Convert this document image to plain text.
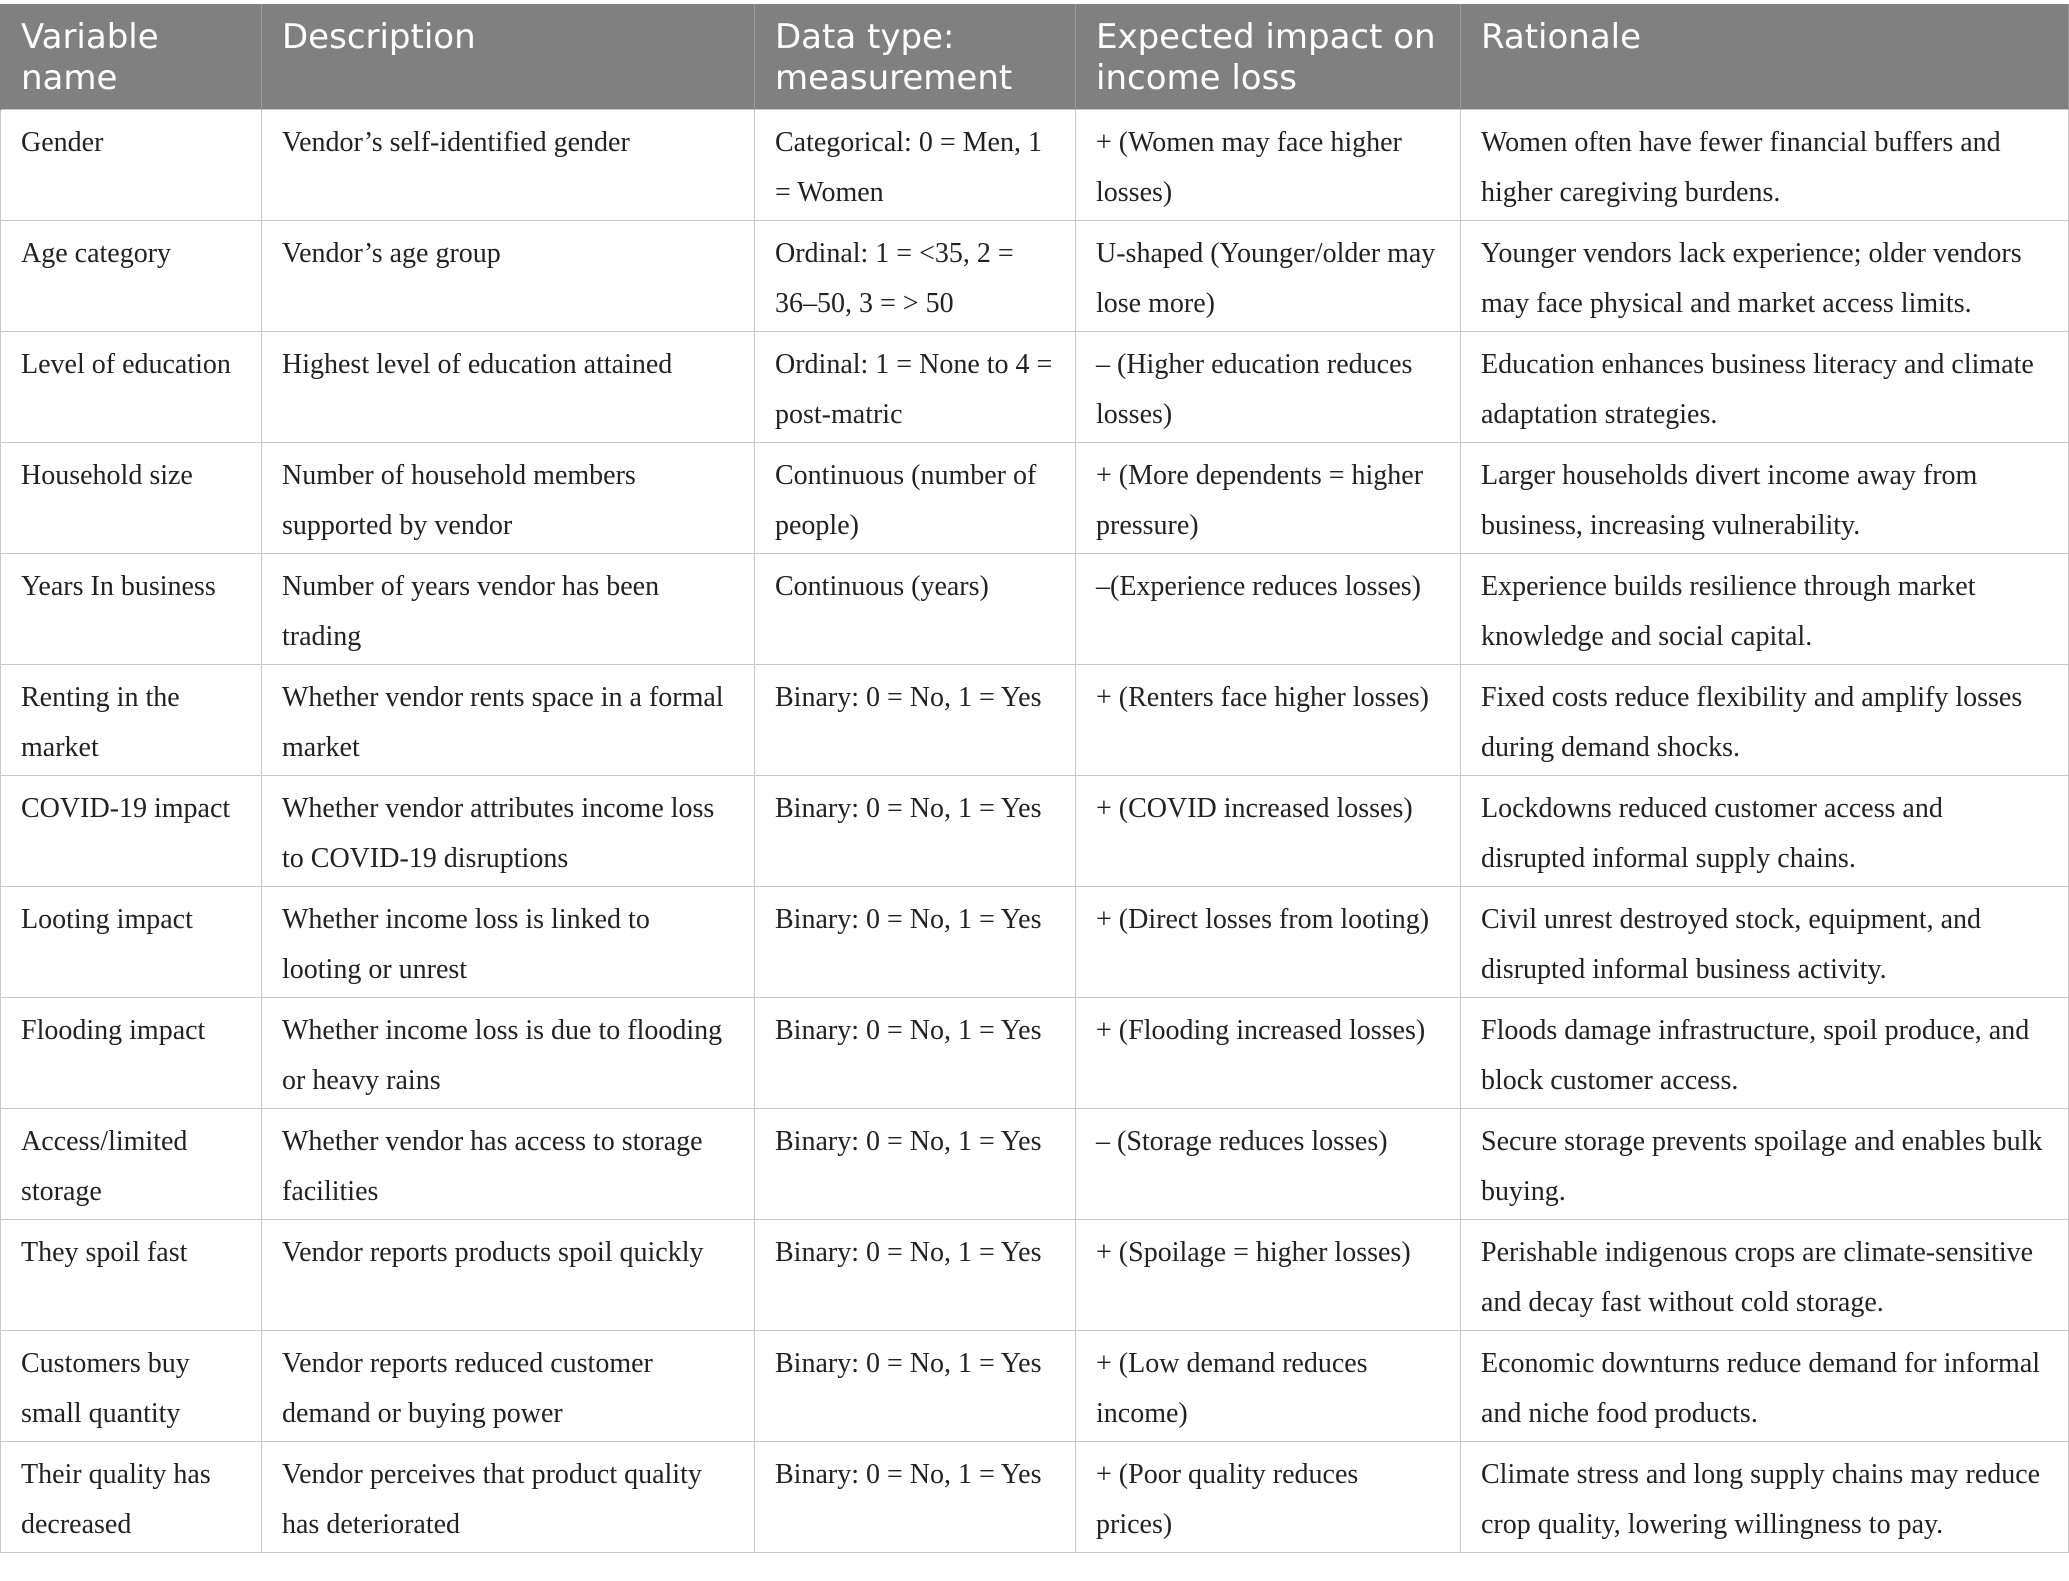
Variable name	Description	Data type: measurement	Expected impact on income loss	Rationale
Gender	Vendor’s self-identified gender	Categorical: 0 = Men, 1 = Women	+ (Women may face higher losses)	Women often have fewer financial buffers and higher caregiving burdens.
Age category	Vendor’s age group	Ordinal: 1 = <35, 2 = 36–50, 3 = > 50	U-shaped (Younger/older may lose more)	Younger vendors lack experience; older vendors may face physical and market access limits.
Level of education	Highest level of education attained	Ordinal: 1 = None to 4 = post-matric	– (Higher education reduces losses)	Education enhances business literacy and climate adaptation strategies.
Household size	Number of household members supported by vendor	Continuous (number of people)	+ (More dependents = higher pressure)	Larger households divert income away from business, increasing vulnerability.
Years In business	Number of years vendor has been trading	Continuous (years)	–(Experience reduces losses)	Experience builds resilience through market knowledge and social capital.
Renting in the market	Whether vendor rents space in a formal market	Binary: 0 = No, 1 = Yes	+ (Renters face higher losses)	Fixed costs reduce flexibility and amplify losses during demand shocks.
COVID-19 impact	Whether vendor attributes income loss to COVID-19 disruptions	Binary: 0 = No, 1 = Yes	+ (COVID increased losses)	Lockdowns reduced customer access and disrupted informal supply chains.
Looting impact	Whether income loss is linked to looting or unrest	Binary: 0 = No, 1 = Yes	+ (Direct losses from looting)	Civil unrest destroyed stock, equipment, and disrupted informal business activity.
Flooding impact	Whether income loss is due to flooding or heavy rains	Binary: 0 = No, 1 = Yes	+ (Flooding increased losses)	Floods damage infrastructure, spoil produce, and block customer access.
Access/limited storage	Whether vendor has access to storage facilities	Binary: 0 = No, 1 = Yes	– (Storage reduces losses)	Secure storage prevents spoilage and enables bulk buying.
They spoil fast	Vendor reports products spoil quickly	Binary: 0 = No, 1 = Yes	+ (Spoilage = higher losses)	Perishable indigenous crops are climate-sensitive and decay fast without cold storage.
Customers buy small quantity	Vendor reports reduced customer demand or buying power	Binary: 0 = No, 1 = Yes	+ (Low demand reduces income)	Economic downturns reduce demand for informal and niche food products.
Their quality has decreased	Vendor perceives that product quality has deteriorated	Binary: 0 = No, 1 = Yes	+ (Poor quality reduces prices)	Climate stress and long supply chains may reduce crop quality, lowering willingness to pay.
